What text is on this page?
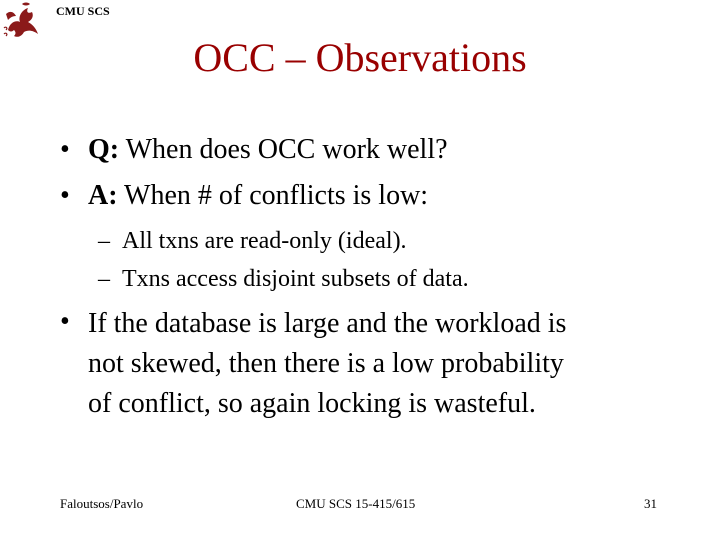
CMU SCS
OCC – Observations
• Q: When does OCC work well?
• A: When # of conflicts is low:
– All txns are read-only (ideal).
– Txns access disjoint subsets of data.
• If the database is large and the workload is
not skewed, then there is a low probability
of conflict, so again locking is wasteful.
Faloutsos/Pavlo	CMU SCS 15-415/615	31
